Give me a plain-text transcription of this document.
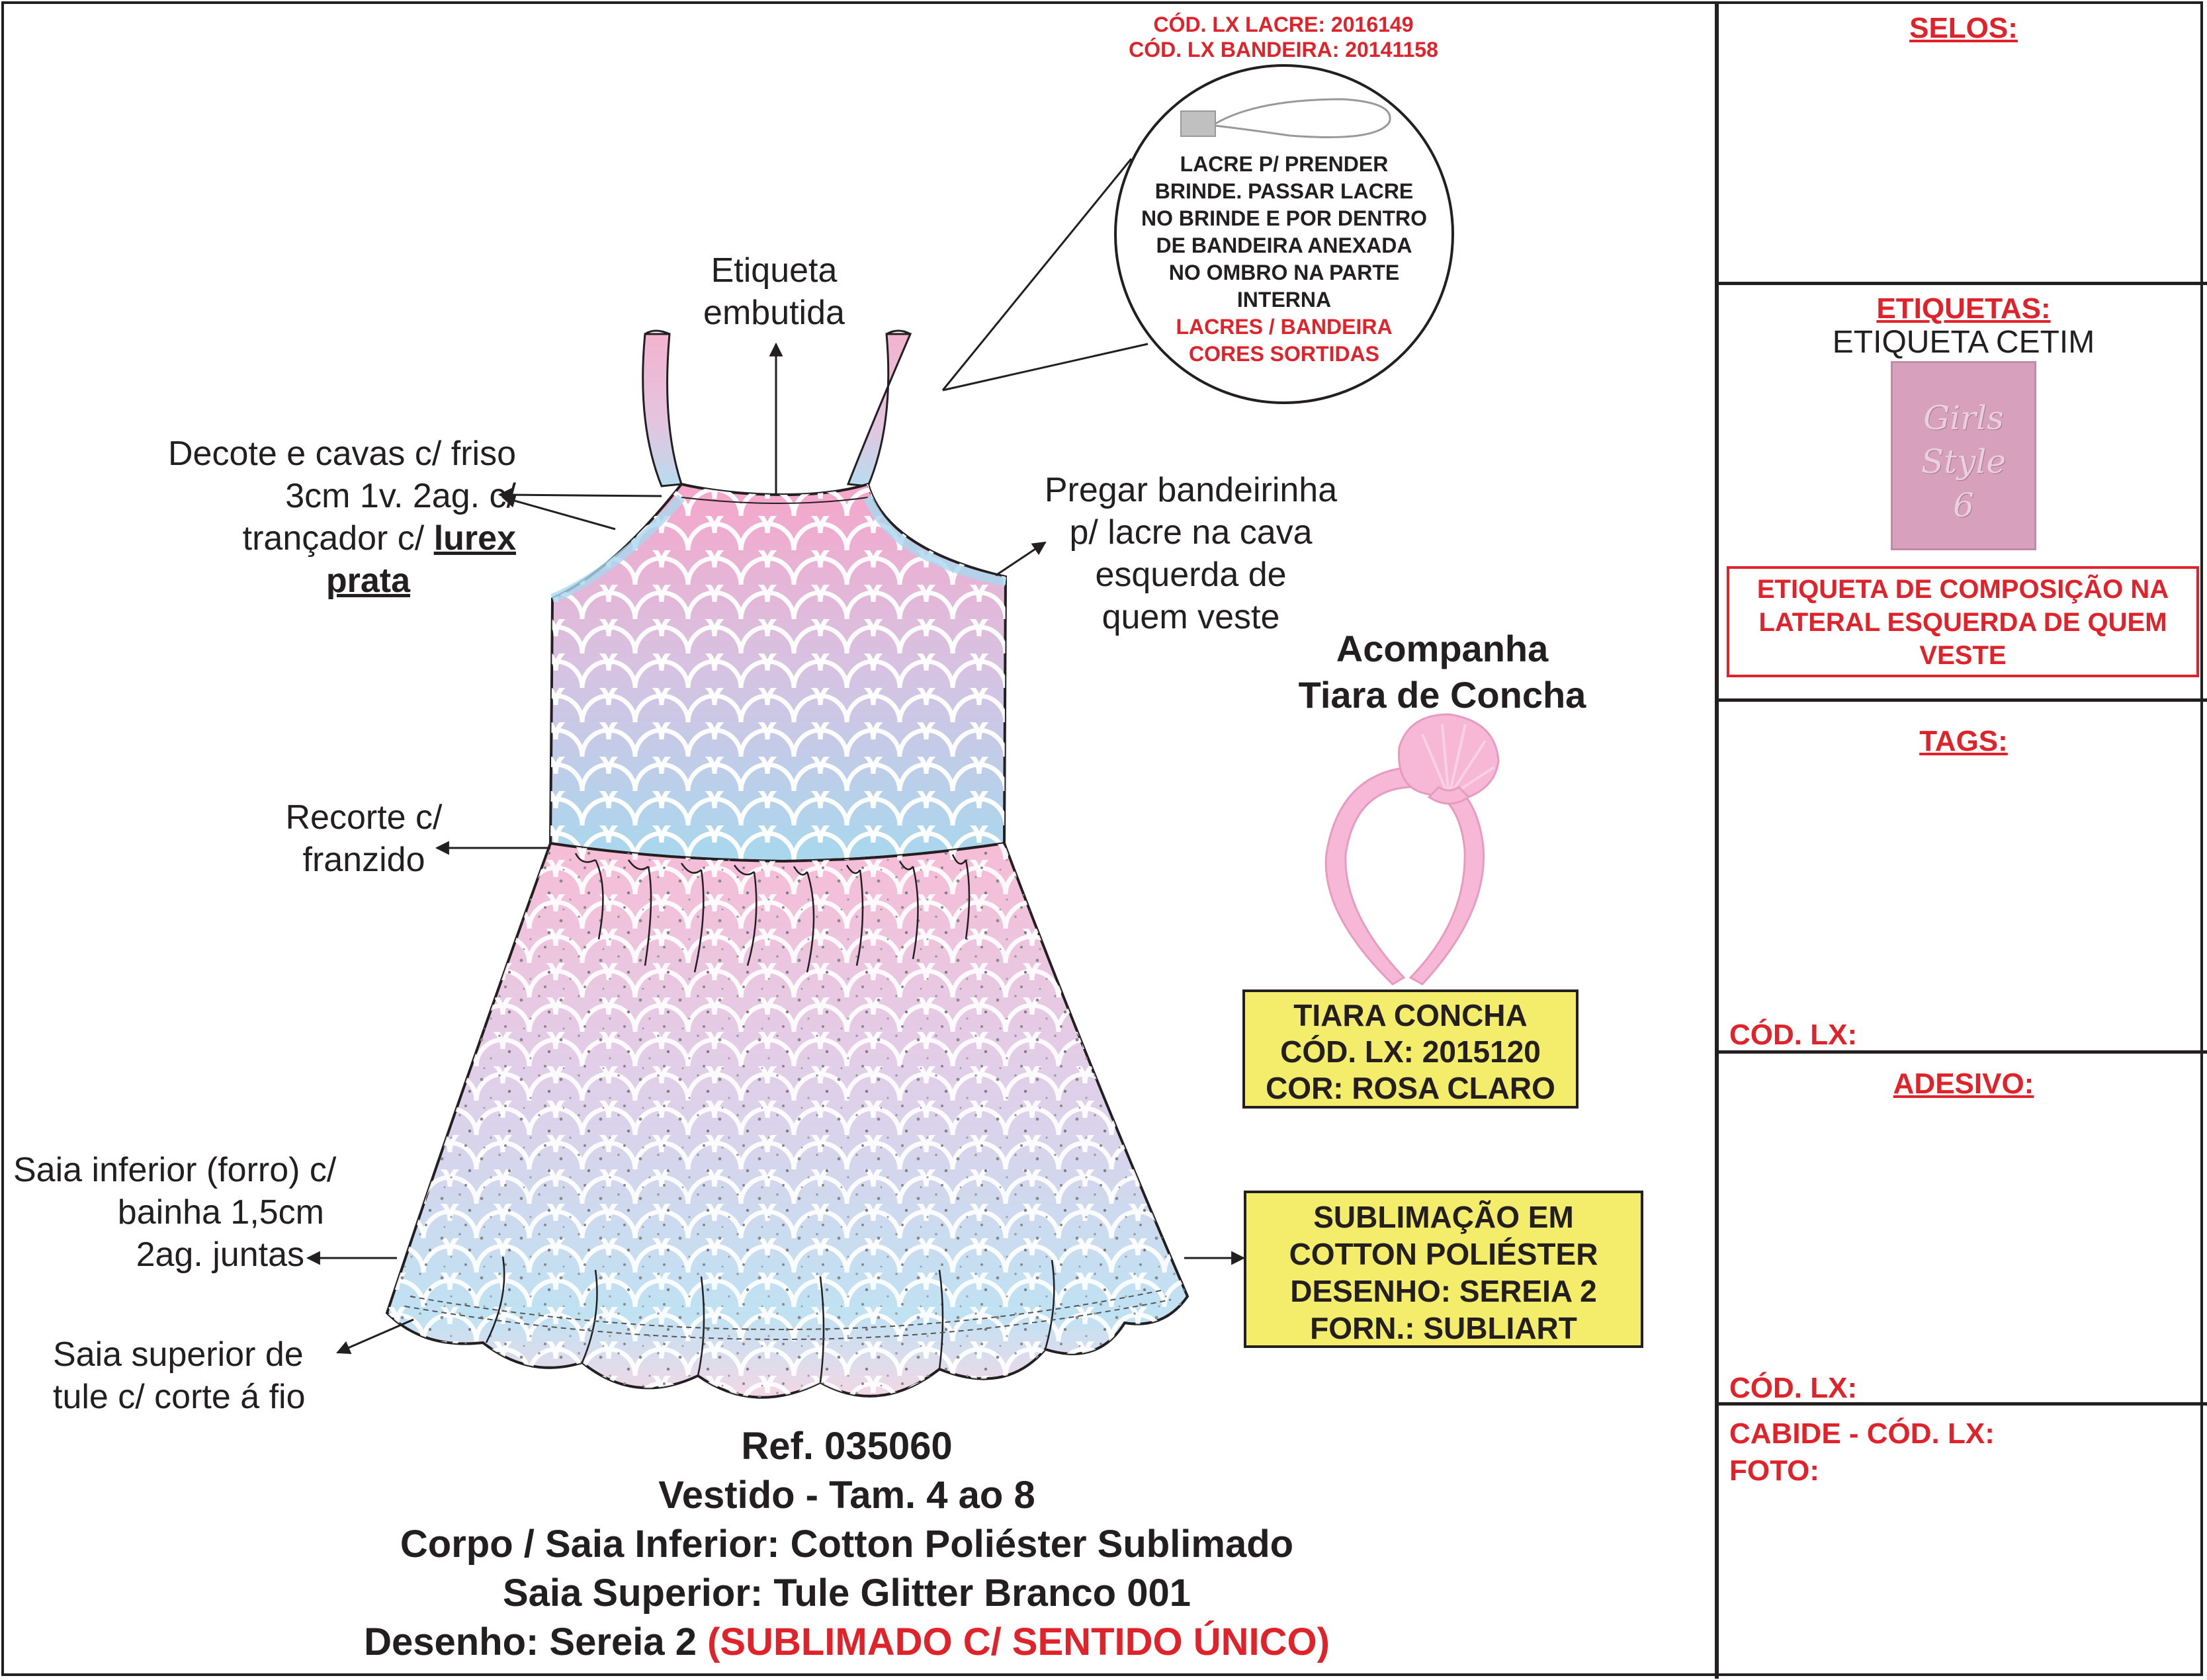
CÓD. LX LACRE: 2016149
CÓD. LX BANDEIRA: 20141158
LACRE P/ PRENDER
BRINDE. PASSAR LACRE
NO BRINDE E POR DENTRO
DE BANDEIRA ANEXADA
NO OMBRO NA PARTE
INTERNA
LACRES / BANDEIRA
CORES SORTIDAS
Etiqueta
embutida
Decote e cavas c/ friso
3cm 1v. 2ag. c/
trançador c/ lurex
prata
Pregar bandeirinha
p/ lacre na cava
esquerda de
quem veste
Recorte c/
franzido
Saia inferior (forro) c/
bainha 1,5cm
2ag. juntas
Saia superior de
tule c/ corte á fio
Acompanha
Tiara de Concha
TIARA CONCHA
CÓD. LX: 2015120
COR: ROSA CLARO
SUBLIMAÇÃO EM
COTTON POLIÉSTER
DESENHO: SEREIA 2
FORN.: SUBLIART
Ref. 035060
Vestido - Tam. 4 ao 8
Corpo / Saia Inferior: Cotton Poliéster Sublimado
Saia Superior: Tule Glitter Branco 001
Desenho: Sereia 2 (SUBLIMADO C/ SENTIDO ÚNICO)
SELOS:
ETIQUETAS:
ETIQUETA CETIM
Girls
Style
6
ETIQUETA DE COMPOSIÇÃO NA
LATERAL ESQUERDA DE QUEM
VESTE
TAGS:
CÓD. LX:
ADESIVO:
CÓD. LX:
CABIDE - CÓD. LX:
FOTO:
